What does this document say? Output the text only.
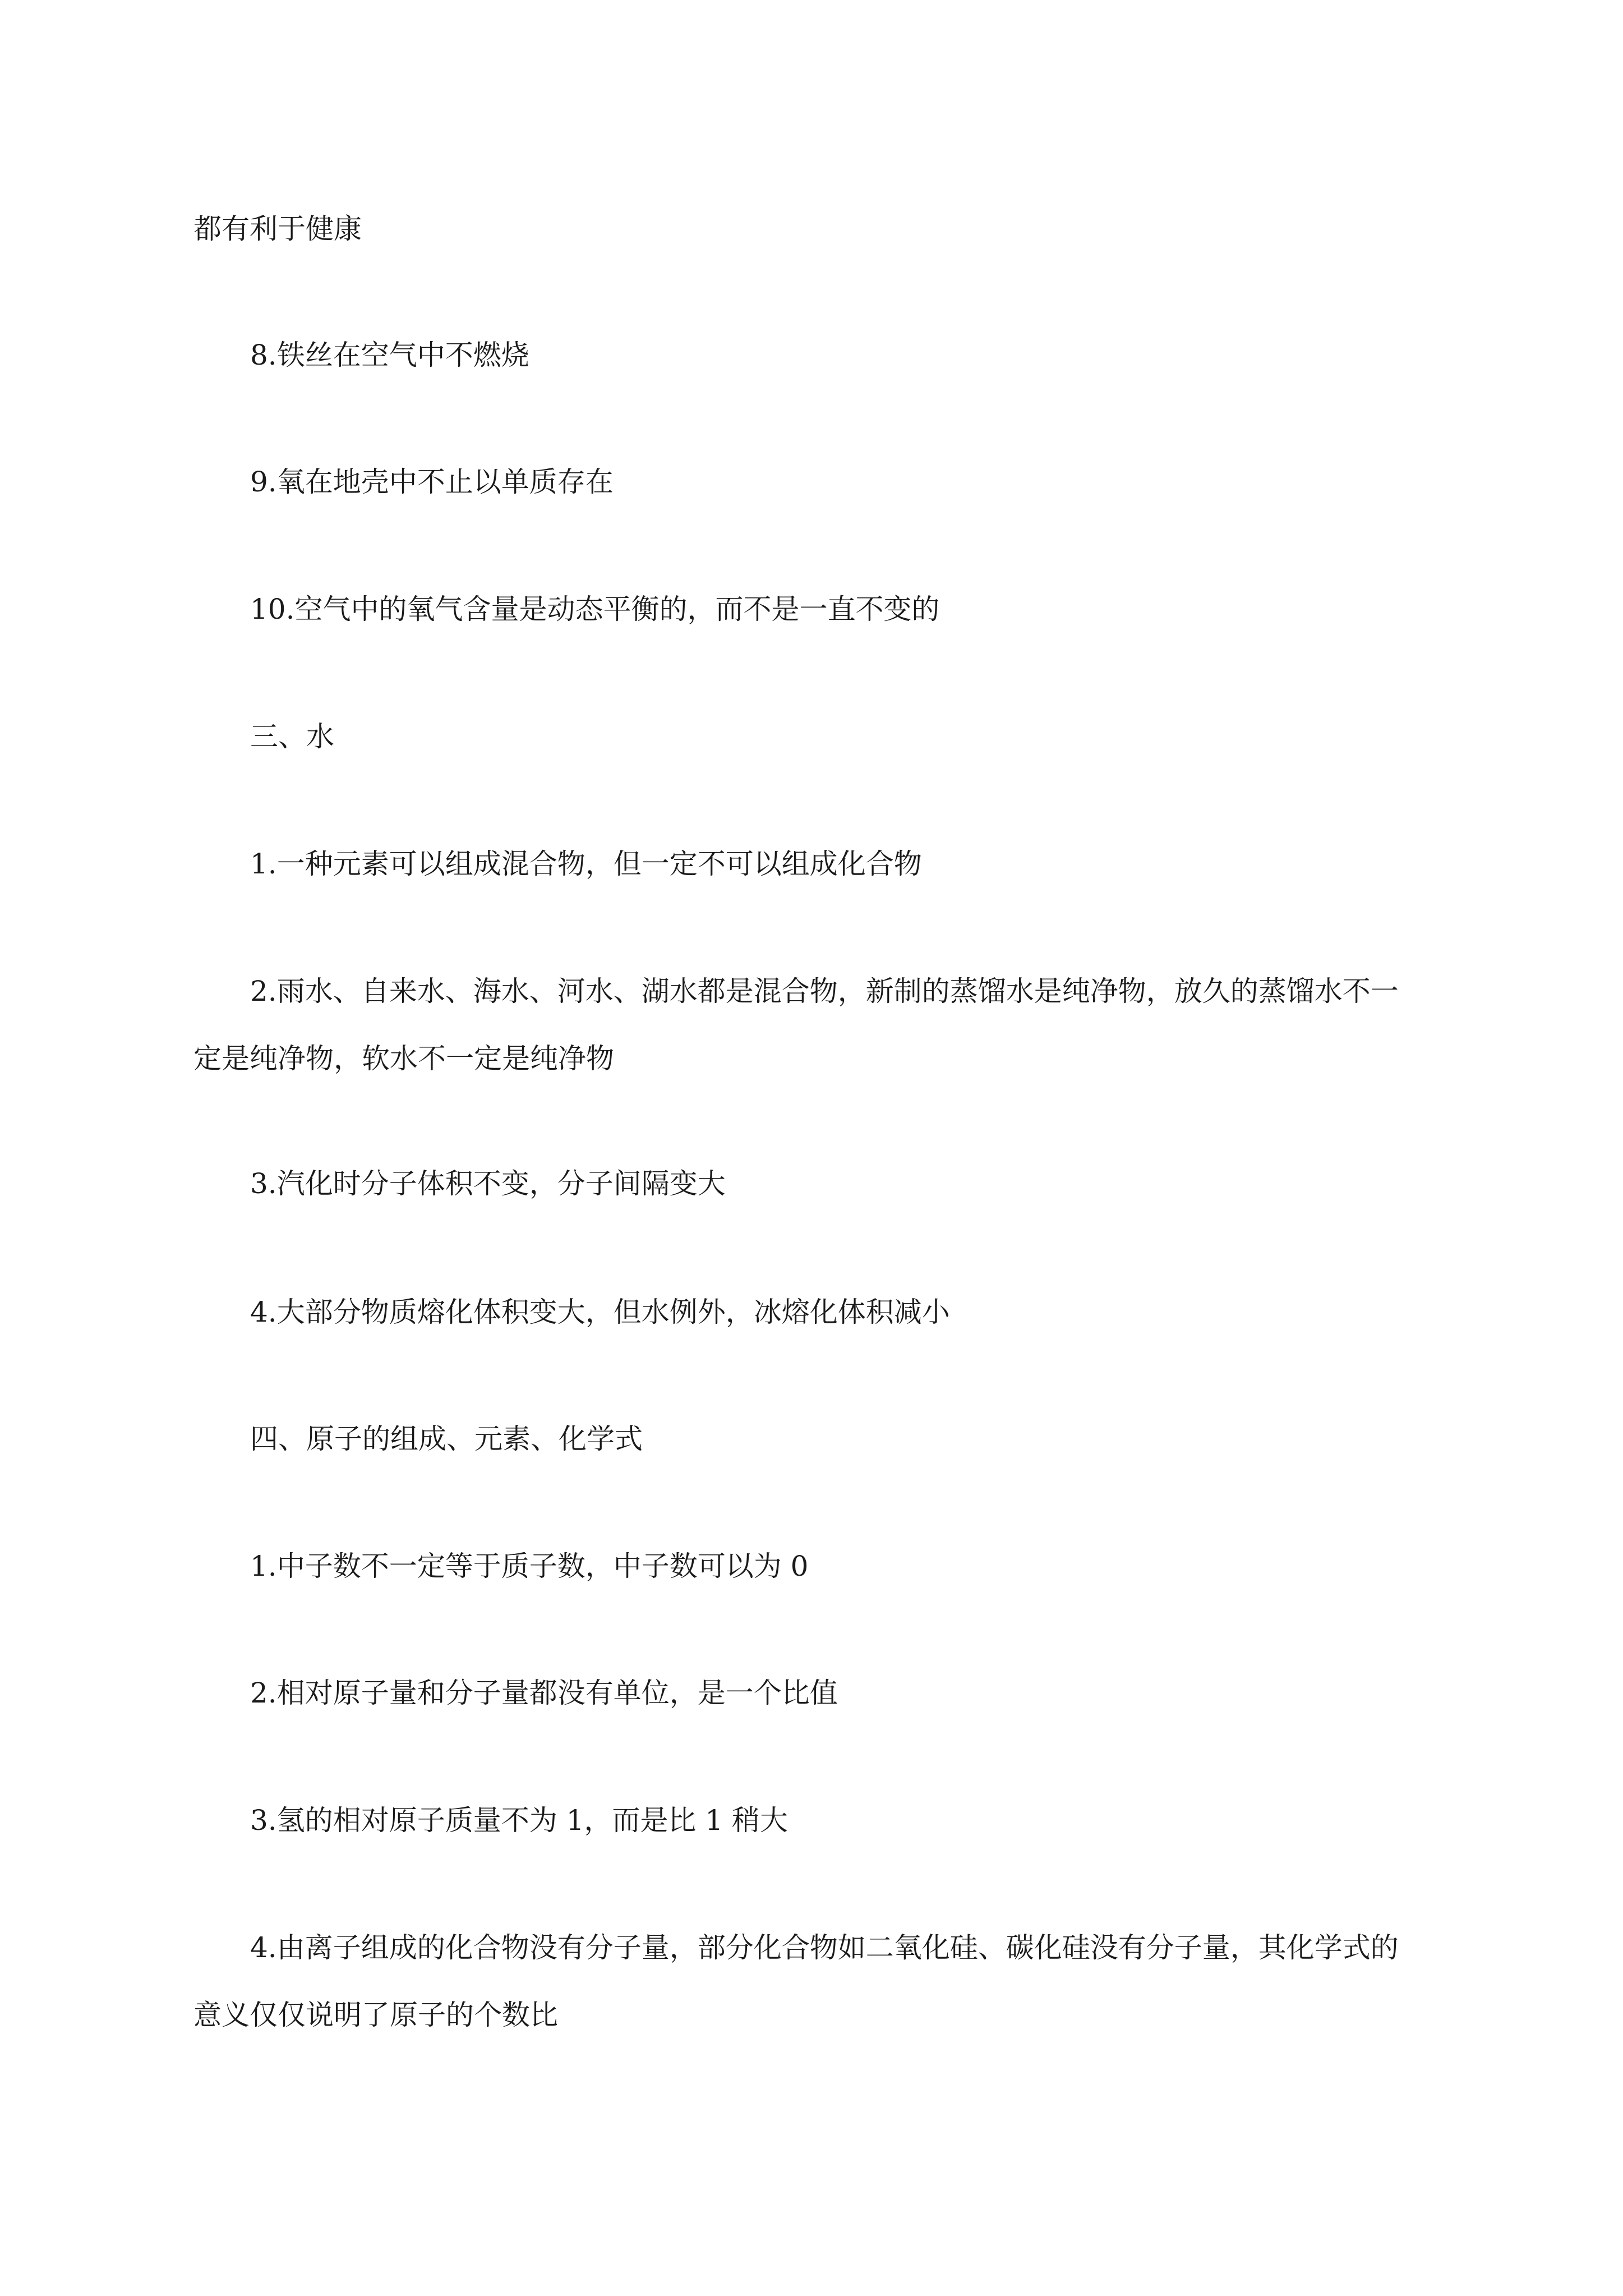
都有利于健康
8.铁丝在空气中不燃烧
9.氧在地壳中不止以单质存在
10.空气中的氧气含量是动态平衡的，而不是一直不变的
三、水
1.一种元素可以组成混合物，但一定不可以组成化合物
2.雨水、自来水、海水、河水、湖水都是混合物，新制的蒸馏水是纯净物，放久的蒸馏水不一
定是纯净物，软水不一定是纯净物
3.汽化时分子体积不变，分子间隔变大
4.大部分物质熔化体积变大，但水例外，冰熔化体积减小
四、原子的组成、元素、化学式
1.中子数不一定等于质子数，中子数可以为 0
2.相对原子量和分子量都没有单位，是一个比值
3.氢的相对原子质量不为 1，而是比 1 稍大
4.由离子组成的化合物没有分子量，部分化合物如二氧化硅、碳化硅没有分子量，其化学式的
意义仅仅说明了原子的个数比
